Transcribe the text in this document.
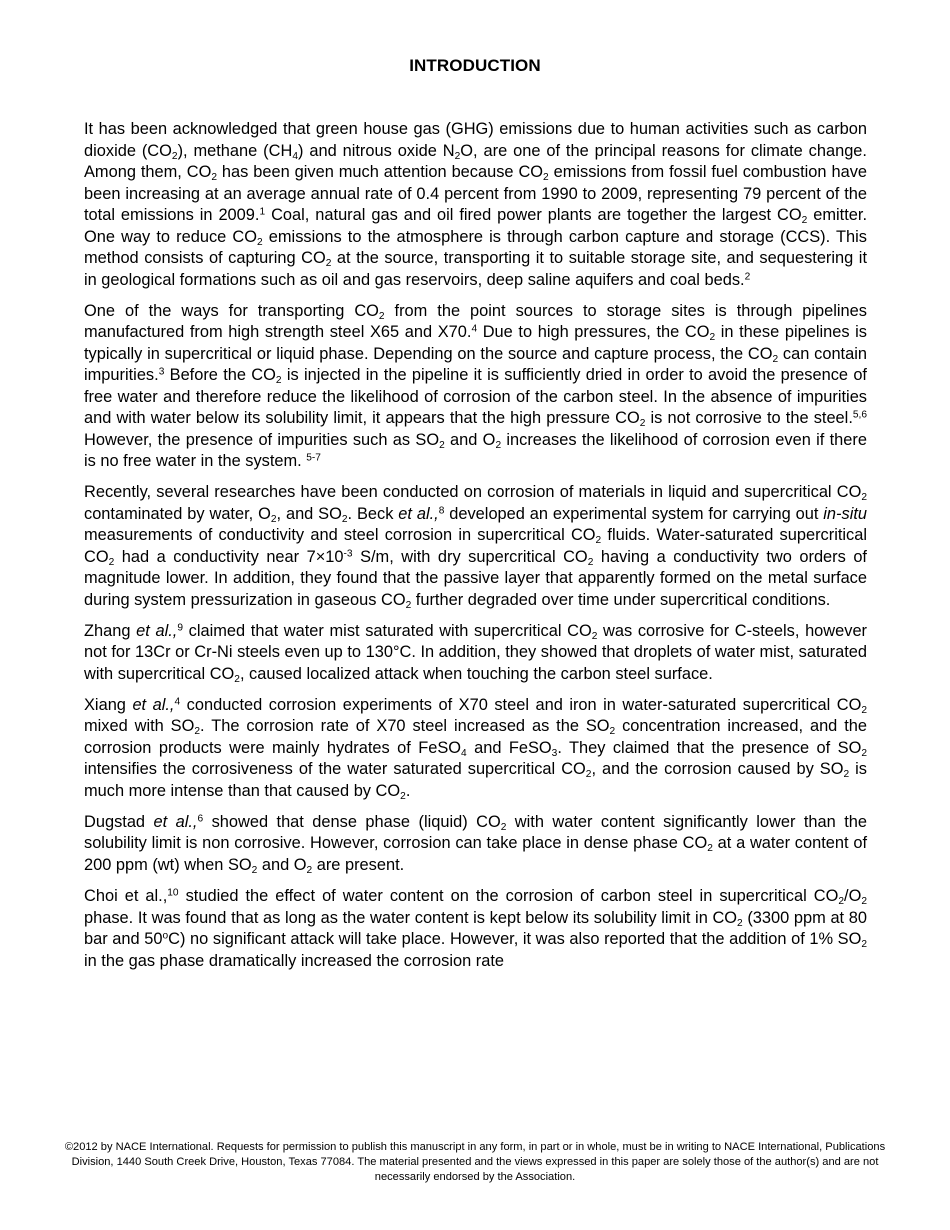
INTRODUCTION

It has been acknowledged that green house gas (GHG) emissions due to human activities such as carbon dioxide $(CO_2)$, methane $(CH_4)$ and nitrous oxide $N_2O$, are one of the principal reasons for climate change. Among them, $CO_2$ has been given much attention because $CO_2$ emissions from fossil fuel combustion have been increasing at an average annual rate of 0.4 percent from 1990 to 2009, representing 79 percent of the total emissions in 2009.$^1$ Coal, natural gas and oil fired power plants are together the largest $CO_2$ emitter. One way to reduce $CO_2$ emissions to the atmosphere is through carbon capture and storage (CCS). This method consists of capturing $CO_2$ at the source, transporting it to suitable storage site, and sequestering it in geological formations such as oil and gas reservoirs, deep saline aquifers and coal beds.$^2$

One of the ways for transporting $CO_2$ from the point sources to storage sites is through pipelines manufactured from high strength steel X65 and X70.$^4$ Due to high pressures, the $CO_2$ in these pipelines is typically in supercritical or liquid phase. Depending on the source and capture process, the $CO_2$ can contain impurities.$^3$ Before the $CO_2$ is injected in the pipeline it is sufficiently dried in order to avoid the presence of free water and therefore reduce the likelihood of corrosion of the carbon steel. In the absence of impurities and with water below its solubility limit, it appears that the high pressure $CO_2$ is not corrosive to the steel.$^{5,6}$ However, the presence of impurities such as $SO_2$ and $O_2$ increases the likelihood of corrosion even if there is no free water in the system. $^{5-7}$

Recently, several researches have been conducted on corrosion of materials in liquid and supercritical $CO_2$ contaminated by water, $O_2$, and $SO_2$. Beck et al.,$^8$ developed an experimental system for carrying out in-situ measurements of conductivity and steel corrosion in supercritical $CO_2$ fluids. Water-saturated supercritical $CO_2$ had a conductivity near $7\times 10^{-3}$ S/m, with dry supercritical $CO_2$ having a conductivity two orders of magnitude lower. In addition, they found that the passive layer that apparently formed on the metal surface during system pressurization in gaseous $CO_2$ further degraded over time under supercritical conditions.

Zhang et al.,$^9$ claimed that water mist saturated with supercritical $CO_2$ was corrosive for C-steels, however not for 13Cr or Cr-Ni steels even up to 130°C. In addition, they showed that droplets of water mist, saturated with supercritical $CO_2$, caused localized attack when touching the carbon steel surface.

Xiang et al.,$^4$ conducted corrosion experiments of X70 steel and iron in water-saturated supercritical $CO_2$ mixed with $SO_2$. The corrosion rate of X70 steel increased as the $SO_2$ concentration increased, and the corrosion products were mainly hydrates of FeSO$_4$ and FeSO$_3$. They claimed that the presence of $SO_2$ intensifies the corrosiveness of the water saturated supercritical $CO_2$, and the corrosion caused by $SO_2$ is much more intense than that caused by $CO_2$.

Dugstad et al.,$^6$ showed that dense phase (liquid) $CO_2$ with water content significantly lower than the solubility limit is non corrosive. However, corrosion can take place in dense phase $CO_2$ at a water content of 200 ppm (wt) when $SO_2$ and $O_2$ are present.

Choi et al.,$^{10}$ studied the effect of water content on the corrosion of carbon steel in supercritical $CO_2/O_2$ phase. It was found that as long as the water content is kept below its solubility limit in $CO_2$ (3300 ppm at 80 bar and 50$^o$C) no significant attack will take place. However, it was also reported that the addition of 1% $SO_2$ in the gas phase dramatically increased the corrosion rate

©2012 by NACE International. Requests for permission to publish this manuscript in any form, in part or in whole, must be in writing to NACE International, Publications Division, 1440 South Creek Drive, Houston, Texas 77084. The material presented and the views expressed in this paper are solely those of the author(s) and are not necessarily endorsed by the Association.
